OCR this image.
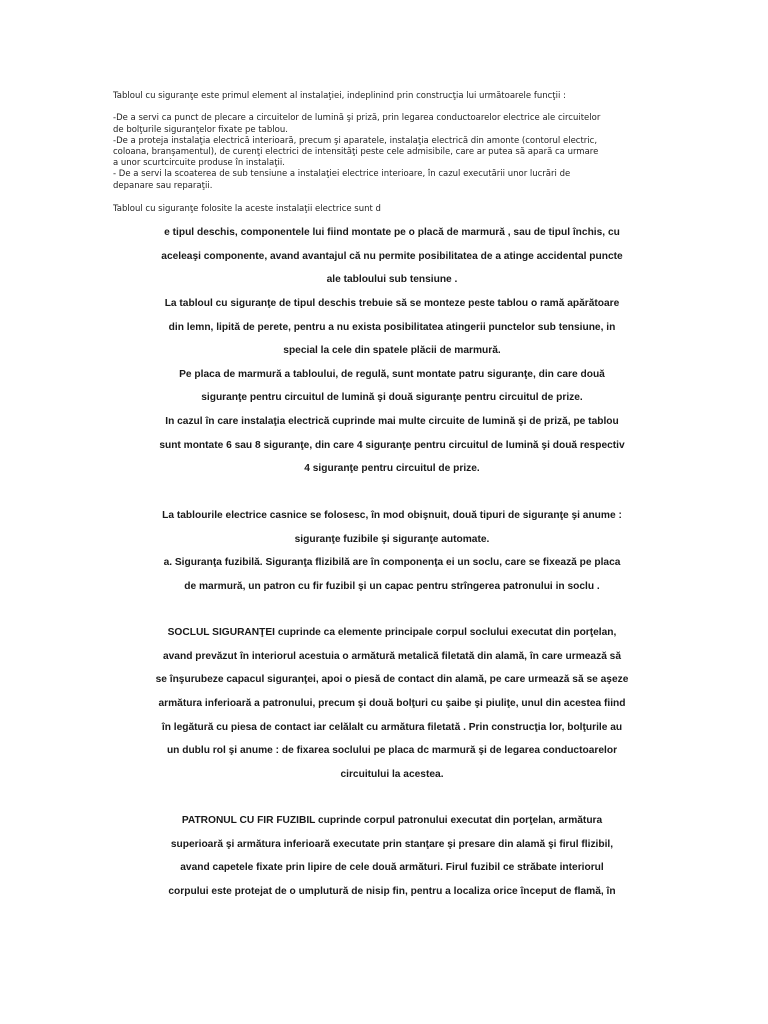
Tabloul cu siguranţe este primul element al instalaţiei, indeplinind prin construcţia lui următoarele funcţii :
-De a servi ca punct de plecare a circuitelor de lumină şi priză, prin legarea conductoarelor electrice ale circuitelor
de bolţurile siguranţelor fixate pe tablou.
-De a proteja instalaţia electrică interioară, precum şi aparatele, instalaţia electrică din amonte (contorul electric,
coloana, branşamentul), de curenţi electrici de intensităţi peste cele admisibile, care ar putea să apară ca urmare
a unor scurtcircuite produse în instalaţii.
- De a servi la scoaterea de sub tensiune a instalaţiei electrice interioare, în cazul executării unor lucrări de
depanare sau reparaţii.
Tabloul cu siguranţe folosite la aceste instalaţii electrice sunt d
e tipul deschis, componentele lui fiind montate pe o placă de marmură , sau de tipul închis, cu
aceleaşi componente, avand avantajul că nu permite posibilitatea de a atinge accidental puncte
ale tabloului sub tensiune .
La tabloul cu siguranţe de tipul deschis trebuie să se monteze peste tablou o ramă apărătoare
din lemn, lipită de perete, pentru a nu exista posibilitatea atingerii punctelor sub tensiune, in
special la cele din spatele plăcii de marmură.
Pe placa de marmură a tabloului, de regulă, sunt montate patru siguranţe, din care două
siguranţe pentru circuitul de lumină şi două siguranţe pentru circuitul de prize.
In cazul în care instalaţia electrică cuprinde mai multe circuite de lumină şi de priză, pe tablou
sunt montate 6 sau 8 siguranţe, din care 4 siguranţe pentru circuitul de lumină şi două respectiv
4 siguranţe pentru circuitul de prize.
La tablourile electrice casnice se folosesc, în mod obişnuit, două tipuri de siguranţe şi anume :
siguranţe fuzibile şi siguranţe automate.
a. Siguranţa fuzibilă. Siguranţa flizibilă are în componenţa ei un soclu, care se fixează pe placa
de marmură, un patron cu fir fuzibil şi un capac pentru strîngerea patronului in soclu .
SOCLUL SIGURANŢEI cuprinde ca elemente principale corpul soclului executat din porţelan,
avand prevăzut în interiorul acestuia o armătură metalică filetată din alamă, în care urmează să
se înşurubeze capacul siguranţei, apoi o piesă de contact din alamă, pe care urmează să se aşeze
armătura inferioară a patronului, precum şi două bolţuri cu şaibe şi piuliţe, unul din acestea fiind
în legătură cu piesa de contact iar celălalt cu armătura filetată . Prin construcţia lor, bolţurile au
un dublu rol şi anume : de fixarea soclului pe placa dc marmură şi de legarea conductoarelor
circuitului la acestea.
PATRONUL CU FIR FUZIBIL cuprinde corpul patronului executat din porţelan, armătura
superioară şi armătura inferioară executate prin stanţare şi presare din alamă şi firul flizibil,
avand capetele fixate prin lipire de cele două armături. Firul fuzibil ce străbate interiorul
corpului este protejat de o umplutură de nisip fin, pentru a localiza orice început de flamă, în
